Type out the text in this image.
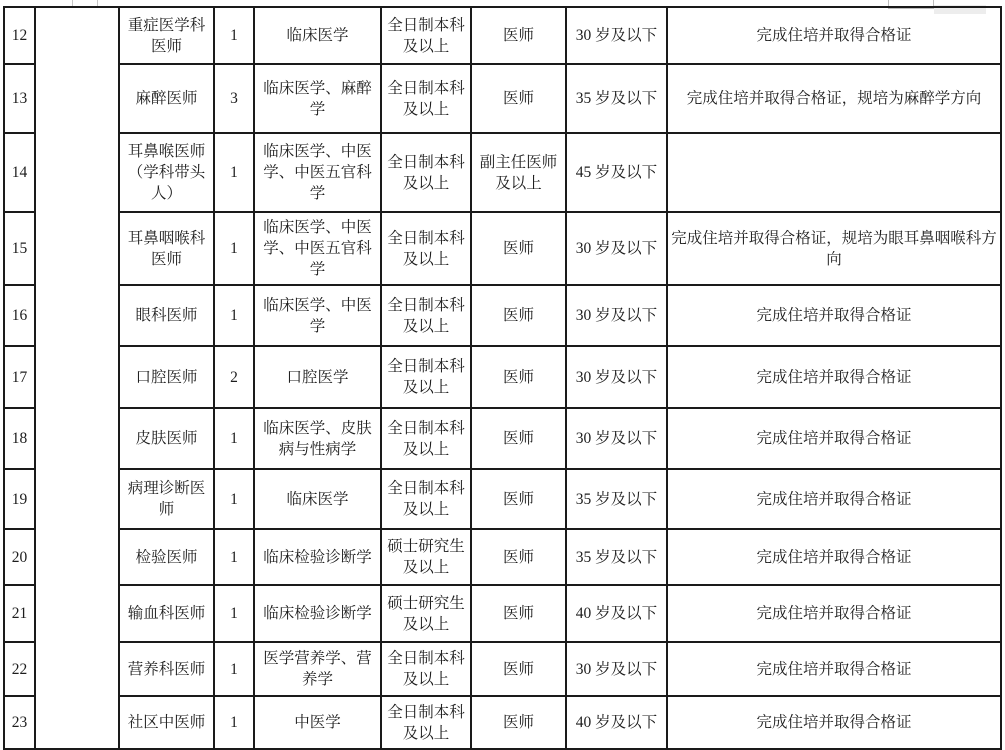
12		重症医学科医师	1	临床医学	全日制本科及以上	医师	30 岁及以下	完成住培并取得合格证
13		麻醉医师	3	临床医学、麻醉学	全日制本科及以上	医师	35 岁及以下	完成住培并取得合格证，规培为麻醉学方向
14		耳鼻喉医师（学科带头人）	1	临床医学、中医学、中医五官科学	全日制本科及以上	副主任医师及以上	45 岁及以下	
15		耳鼻咽喉科医师	1	临床医学、中医学、中医五官科学	全日制本科及以上	医师	30 岁及以下	完成住培并取得合格证，规培为眼耳鼻咽喉科方向
16		眼科医师	1	临床医学、中医学	全日制本科及以上	医师	30 岁及以下	完成住培并取得合格证
17		口腔医师	2	口腔医学	全日制本科及以上	医师	30 岁及以下	完成住培并取得合格证
18		皮肤医师	1	临床医学、皮肤病与性病学	全日制本科及以上	医师	30 岁及以下	完成住培并取得合格证
19		病理诊断医师	1	临床医学	全日制本科及以上	医师	35 岁及以下	完成住培并取得合格证
20		检验医师	1	临床检验诊断学	硕士研究生及以上	医师	35 岁及以下	完成住培并取得合格证
21		输血科医师	1	临床检验诊断学	硕士研究生及以上	医师	40 岁及以下	完成住培并取得合格证
22		营养科医师	1	医学营养学、营养学	全日制本科及以上	医师	30 岁及以下	完成住培并取得合格证
23		社区中医师	1	中医学	全日制本科及以上	医师	40 岁及以下	完成住培并取得合格证
